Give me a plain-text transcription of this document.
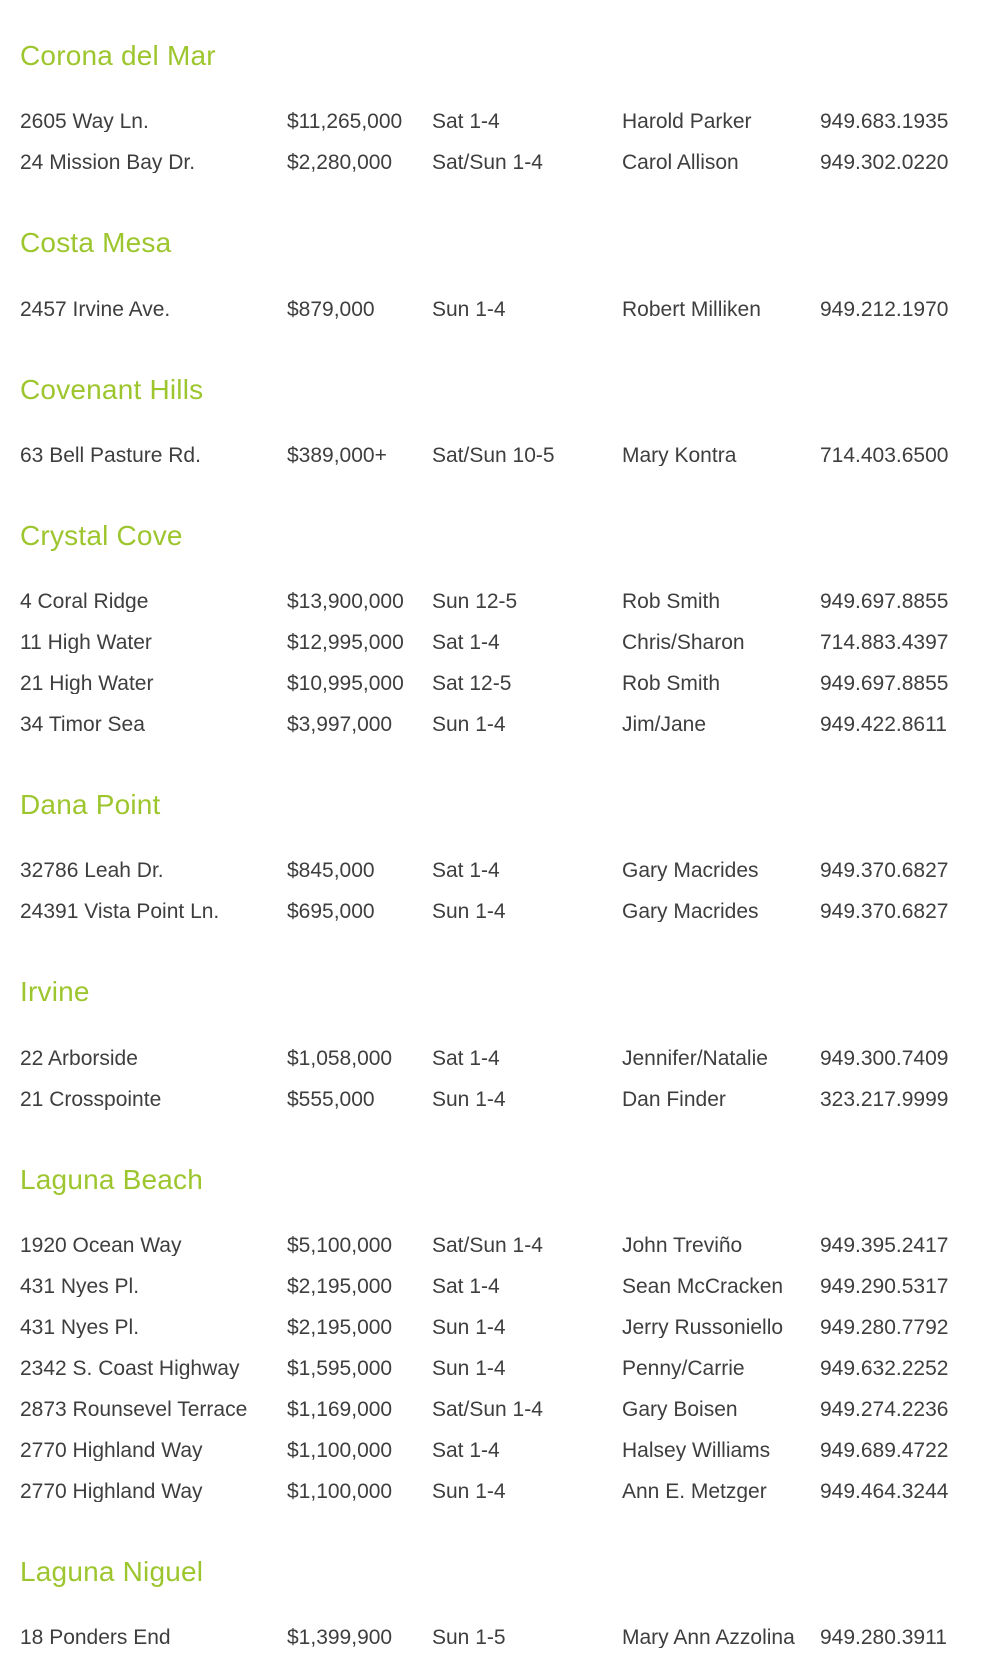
Corona del Mar
2605 Way Ln.	$11,265,000	Sat 1-4	Harold Parker	949.683.1935
24 Mission Bay Dr.	$2,280,000	Sat/Sun 1-4	Carol Allison	949.302.0220
Costa Mesa
2457 Irvine Ave.	$879,000	Sun 1-4	Robert Milliken	949.212.1970
Covenant Hills
63 Bell Pasture Rd.	$389,000+	Sat/Sun 10-5	Mary Kontra	714.403.6500
Crystal Cove
4 Coral Ridge	$13,900,000	Sun 12-5	Rob Smith	949.697.8855
11 High Water	$12,995,000	Sat 1-4	Chris/Sharon	714.883.4397
21 High Water	$10,995,000	Sat 12-5	Rob Smith	949.697.8855
34 Timor Sea	$3,997,000	Sun 1-4	Jim/Jane	949.422.8611
Dana Point
32786 Leah Dr.	$845,000	Sat 1-4	Gary Macrides	949.370.6827
24391 Vista Point Ln.	$695,000	Sun 1-4	Gary Macrides	949.370.6827
Irvine
22 Arborside	$1,058,000	Sat 1-4	Jennifer/Natalie	949.300.7409
21 Crosspointe	$555,000	Sun 1-4	Dan Finder	323.217.9999
Laguna Beach
1920 Ocean Way	$5,100,000	Sat/Sun 1-4	John Treviño	949.395.2417
431 Nyes Pl.	$2,195,000	Sat 1-4	Sean McCracken	949.290.5317
431 Nyes Pl.	$2,195,000	Sun 1-4	Jerry Russoniello	949.280.7792
2342 S. Coast Highway	$1,595,000	Sun 1-4	Penny/Carrie	949.632.2252
2873 Rounsevel Terrace	$1,169,000	Sat/Sun 1-4	Gary Boisen	949.274.2236
2770 Highland Way	$1,100,000	Sat 1-4	Halsey Williams	949.689.4722
2770 Highland Way	$1,100,000	Sun 1-4	Ann E. Metzger	949.464.3244
Laguna Niguel
18 Ponders End	$1,399,900	Sun 1-5	Mary Ann Azzolina	949.280.3911
